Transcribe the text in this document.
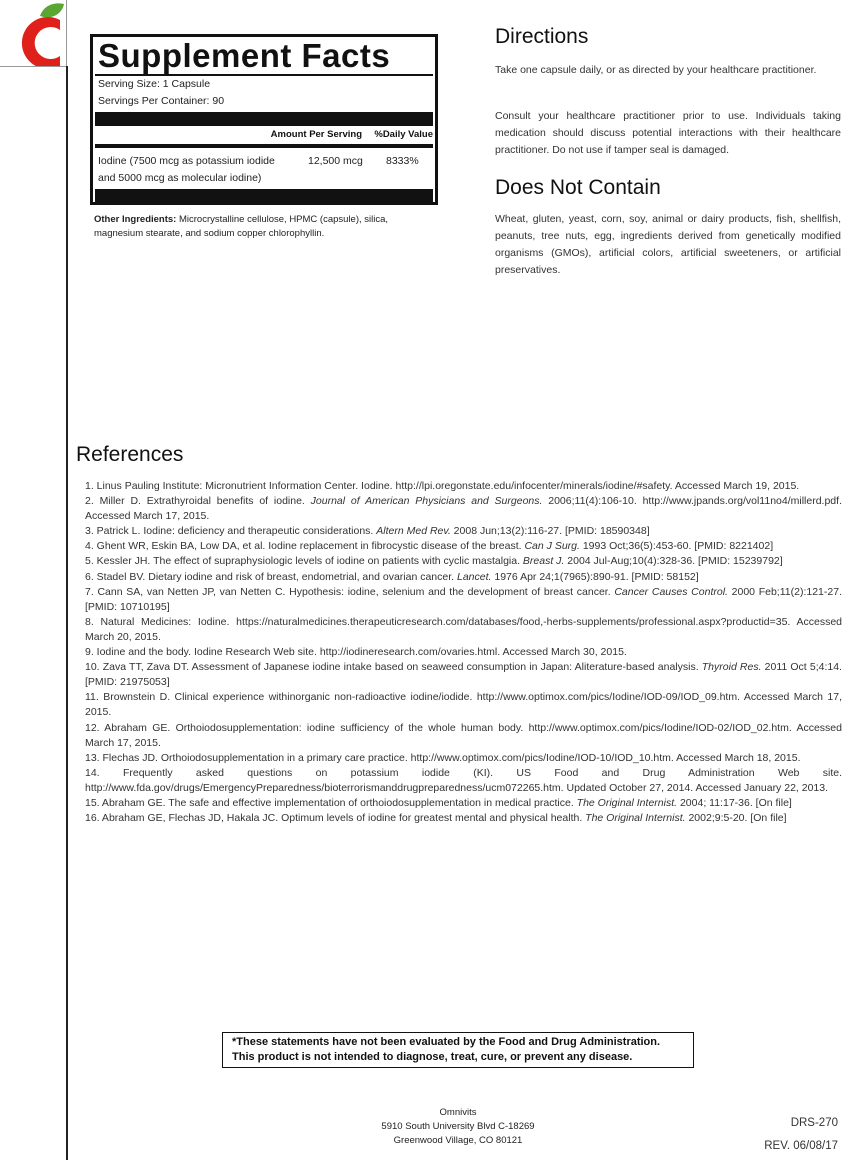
Supplement Facts
Serving Size: 1 Capsule
Servings Per Container: 90
Amount Per Serving %Daily Value
Iodine (7500 mcg as potassium iodide
and 5000 mcg as molecular iodine)
12,500 mcg 8333%
Other Ingredients: Microcrystalline cellulose, HPMC (capsule), silica, magnesium stearate, and sodium copper chlorophyllin.
Directions

Take one capsule daily, or as directed by your healthcare practitioner.

Consult your healthcare practitioner prior to use. Individuals taking medication should discuss potential interactions with their healthcare practitioner. Do not use if tamper seal is damaged.

Does Not Contain

Wheat, gluten, yeast, corn, soy, animal or dairy products, fish, shellfish, peanuts, tree nuts, egg, ingredients derived from genetically modified organisms (GMOs), artificial colors, artificial sweeteners, or artificial preservatives.

References
1. Linus Pauling Institute: Micronutrient Information Center. Iodine. http://lpi.oregonstate.edu/infocenter/minerals/iodine/#safety. Accessed March 19, 2015.
2. Miller D. Extrathyroidal benefits of iodine. Journal of American Physicians and Surgeons. 2006;11(4):106-10. http://www.jpands.org/vol11no4/millerd.pdf. Accessed March 17, 2015.
3. Patrick L. Iodine: deficiency and therapeutic considerations. Altern Med Rev. 2008 Jun;13(2):116-27. [PMID: 18590348]
4. Ghent WR, Eskin BA, Low DA, et al. Iodine replacement in fibrocystic disease of the breast. Can J Surg. 1993 Oct;36(5):453-60. [PMID: 8221402]
5. Kessler JH. The effect of supraphysiologic levels of iodine on patients with cyclic mastalgia. Breast J. 2004 Jul-Aug;10(4):328-36. [PMID: 15239792]
6. Stadel BV. Dietary iodine and risk of breast, endometrial, and ovarian cancer. Lancet. 1976 Apr 24;1(7965):890-91. [PMID: 58152]
7. Cann SA, van Netten JP, van Netten C. Hypothesis: iodine, selenium and the development of breast cancer. Cancer Causes Control. 2000 Feb;11(2):121-27. [PMID: 10710195]
8. Natural Medicines: Iodine. https://naturalmedicines.therapeuticresearch.com/databases/food,-herbs-supplements/professional.aspx?productid=35. Accessed March 20, 2015.
9. Iodine and the body. Iodine Research Web site. http://iodineresearch.com/ovaries.html. Accessed March 30, 2015.
10. Zava TT, Zava DT. Assessment of Japanese iodine intake based on seaweed consumption in Japan: Aliterature-based analysis. Thyroid Res. 2011 Oct 5;4:14. [PMID: 21975053]
11. Brownstein D. Clinical experience withinorganic non-radioactive iodine/iodide. http://www.optimox.com/pics/Iodine/IOD-09/IOD_09.htm. Accessed March 17, 2015.
12. Abraham GE. Orthoiodosupplementation: iodine sufficiency of the whole human body. http://www.optimox.com/pics/Iodine/IOD-02/IOD_02.htm. Accessed March 17, 2015.
13. Flechas JD. Orthoiodosupplementation in a primary care practice. http://www.optimox.com/pics/Iodine/IOD-10/IOD_10.htm. Accessed March 18, 2015.
14. Frequently asked questions on potassium iodide (KI). US Food and Drug Administration Web site. http://www.fda.gov/drugs/EmergencyPreparedness/bioterrorismanddrugpreparedness/ucm072265.htm. Updated October 27, 2014. Accessed January 22, 2013.
15. Abraham GE. The safe and effective implementation of orthoiodosupplementation in medical practice. The Original Internist. 2004; 11:17-36. [On file]
16. Abraham GE, Flechas JD, Hakala JC. Optimum levels of iodine for greatest mental and physical health. The Original Internist. 2002;9:5-20. [On file]
*These statements have not been evaluated by the Food and Drug Administration.
This product is not intended to diagnose, treat, cure, or prevent any disease.
Omnivits
5910 South University Blvd C-18269
Greenwood Village, CO 80121
DRS-270
REV. 06/08/17
